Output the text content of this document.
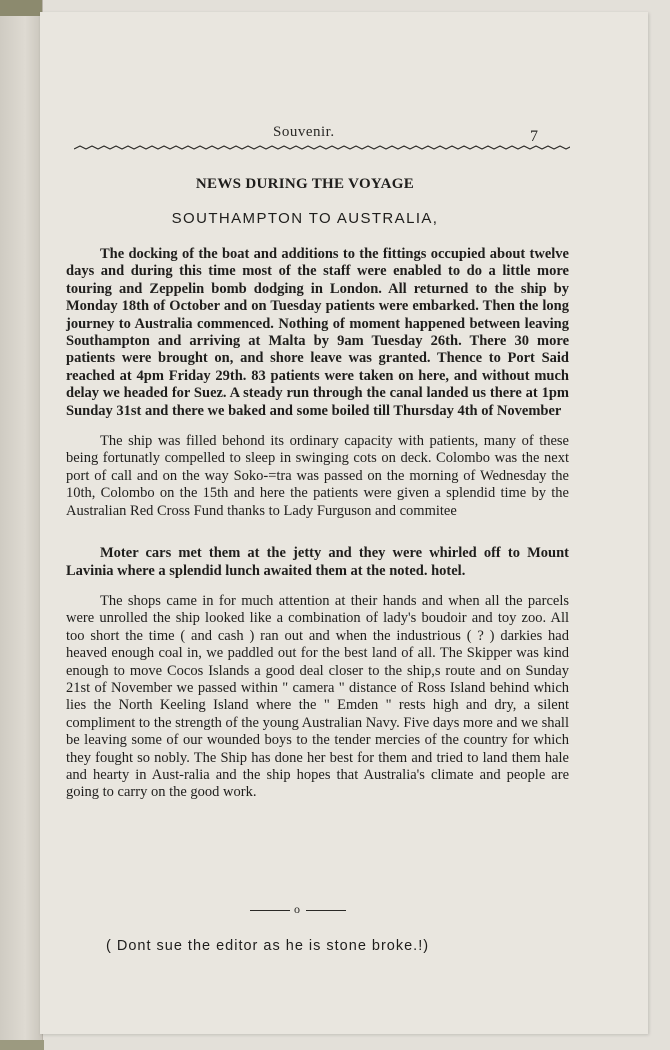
Souvenir.	7
NEWS DURING THE VOYAGE
SOUTHAMPTON TO AUSTRALIA,

The docking of the boat and additions to the fittings occupied about twelve days and during this time most of the staff were enabled to do a little more touring and Zeppelin bomb dodging in London. All returned to the ship by Monday 18th of October and on Tuesday patients were embarked. Then the long journey to Australia commenced. Nothing of moment happened between leaving Southampton and arriving at Malta by 9am Tuesday 26th. There 30 more patients were brought on, and shore leave was granted. Thence to Port Said reached at 4pm Friday 29th. 83 patients were taken on here, and without much delay we headed for Suez. A steady run through the canal landed us there at 1pm Sunday 31st and there we baked and some boiled till Thursday 4th of November

The ship was filled behond its ordinary capacity with patients, many of these being fortunatly compelled to sleep in swinging cots on deck. Colombo was the next port of call and on the way Soko-=tra was passed on the morning of Wednesday the 10th, Colombo on the 15th and here the patients were given a splendid time by the Australian Red Cross Fund thanks to Lady Furguson and commitee

Moter cars met them at the jetty and they were whirled off to Mount Lavinia where a splendid lunch awaited them at the noted. hotel.

The shops came in for much attention at their hands and when all the parcels were unrolled the ship looked like a combination of lady's boudoir and toy zoo. All too short the time ( and cash ) ran out and when the industrious ( ? ) darkies had heaved enough coal in, we paddled out for the best land of all. The Skipper was kind enough to move Cocos Islands a good deal closer to the ship,s route and on Sunday 21st of November we passed within " camera " distance of Ross Island behind which lies the North Keeling Island where the " Emden " rests high and dry, a silent compliment to the strength of the young Australian Navy. Five days more and we shall be leaving some of our wounded boys to the tender mercies of the country for which they fought so nobly. The Ship has done her best for them and tried to land them hale and hearty in Aust-ralia and the ship hopes that Australia's climate and people are going to carry on the good work.

o
( Dont sue the editor as he is stone broke.!)
